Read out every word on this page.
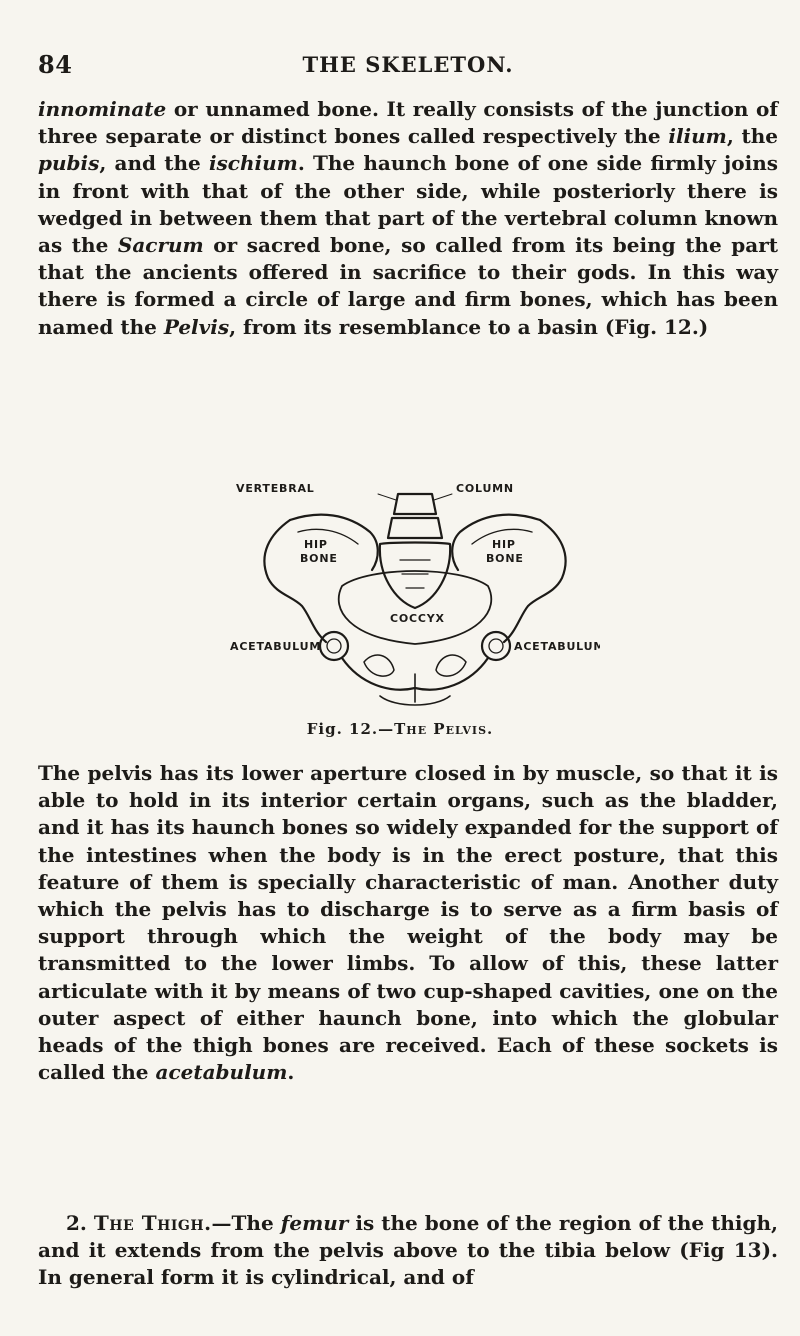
84	THE SKELETON.

innominate or unnamed bone. It really consists of the junction of three separate or distinct bones called respectively the ilium, the pubis, and the ischium. The haunch bone of one side firmly joins in front with that of the other side, while posteriorly there is wedged in between them that part of the vertebral column known as the Sacrum or sacred bone, so called from its being the part that the ancients offered in sacrifice to their gods. In this way there is formed a circle of large and firm bones, which has been named the Pelvis, from its resemblance to a basin (Fig. 12.)

VERTEBRAL	COLUMN
HIP
BONE
HIP
BONE
COCCYX
ACETABULUM	ACETABULUM
Fig. 12.—The Pelvis.

The pelvis has its lower aperture closed in by muscle, so that it is able to hold in its interior certain organs, such as the bladder, and it has its haunch bones so widely expanded for the support of the intestines when the body is in the erect posture, that this feature of them is specially characteristic of man. Another duty which the pelvis has to discharge is to serve as a firm basis of support through which the weight of the body may be transmitted to the lower limbs. To allow of this, these latter articulate with it by means of two cup-shaped cavities, one on the outer aspect of either haunch bone, into which the globular heads of the thigh bones are received. Each of these sockets is called the acetabulum.

2. The Thigh.—The femur is the bone of the region of the thigh, and it extends from the pelvis above to the tibia below (Fig 13). In general form it is cylindrical, and of
